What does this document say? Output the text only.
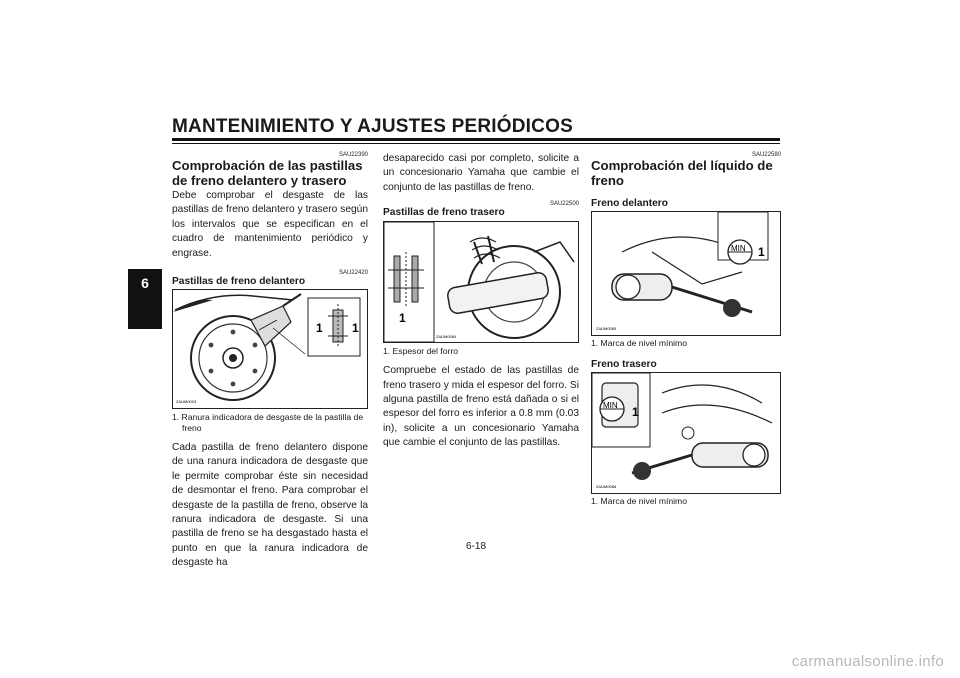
MANTENIMIENTO Y AJUSTES PERIÓDICOS
6
SAU22390
Comprobación de las pastillas de freno delantero y trasero

Debe comprobar el desgaste de las pastillas de freno delantero y trasero según los intervalos que se especifican en el cuadro de mantenimiento periódico y engrase.

SAU22420
Pastillas de freno delantero
1 1
ZAUM0003
1. Ranura indicadora de desgaste de la pastilla de freno

Cada pastilla de freno delantero dispone de una ranura indicadora de desgaste que le permite comprobar éste sin necesidad de desmontar el freno. Para comprobar el desgaste de la pastilla de freno, observe la ranura indicadora de desgaste. Si una pastilla de freno se ha desgastado hasta el punto en que la ranura indicadora de desgaste ha

desaparecido casi por completo, solicite a un concesionario Yamaha que cambie el conjunto de las pastillas de freno.

SAU22500
Pastillas de freno trasero
1
ZAUM0084
1. Espesor del forro

Compruebe el estado de las pastillas de freno trasero y mida el espesor del forro. Si alguna pastilla de freno está dañada o si el espesor del forro es inferior a 0.8 mm (0.03 in), solicite a un concesionario Yamaha que cambie el conjunto de las pastillas.

SAU22580
Comprobación del líquido de freno
Freno delantero
MIN 1
ZAUM0085
1. Marca de nivel mínimo
Freno trasero
MIN 1
ZAUM0086
1. Marca de nivel mínimo
6-18
carmanualsonline.info
